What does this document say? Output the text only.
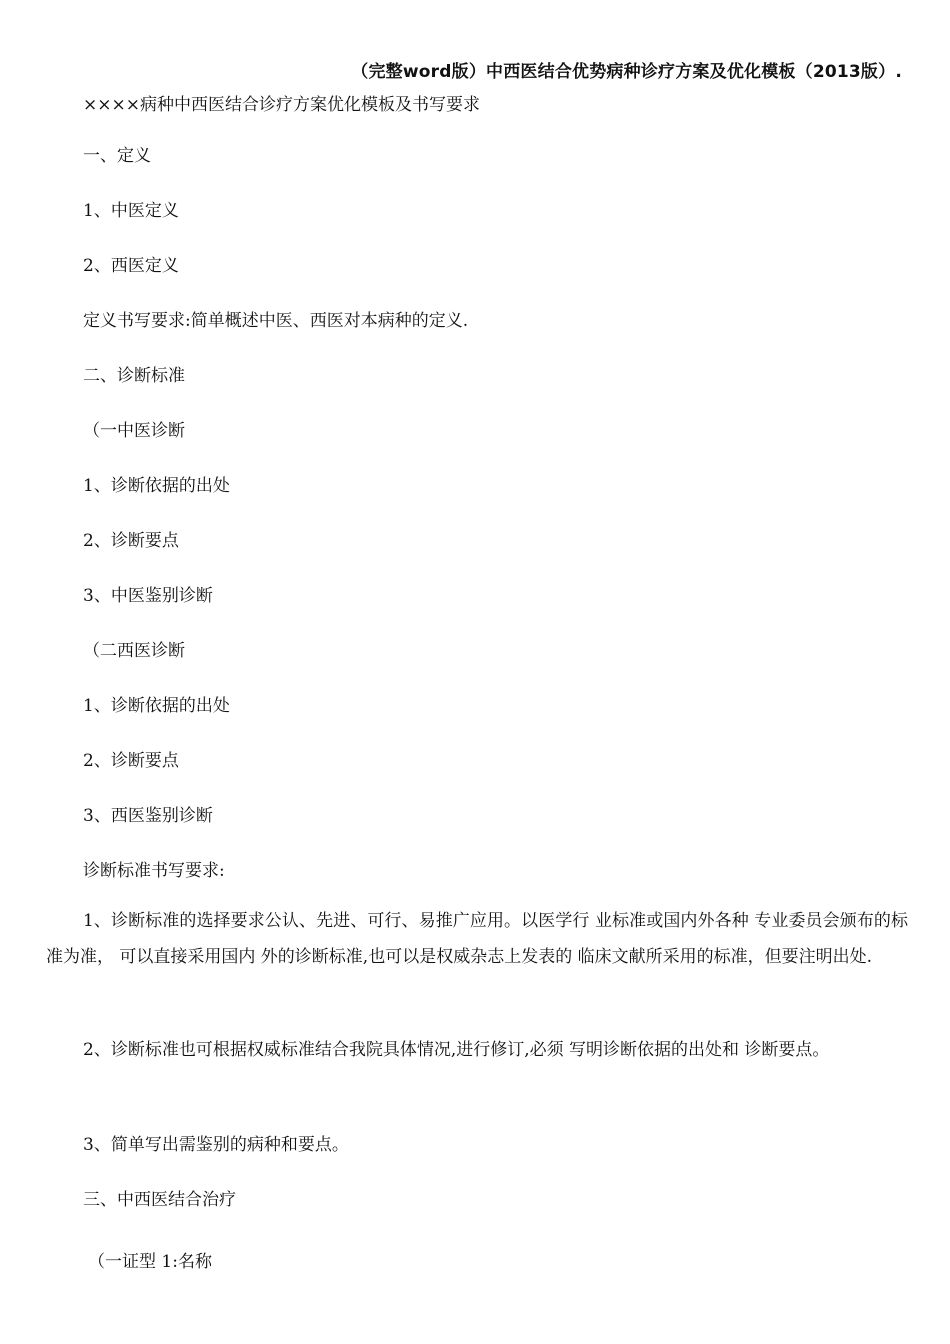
（完整word版）中西医结合优势病种诊疗方案及优化模板（2013版）.
××××病种中西医结合诊疗方案优化模板及书写要求
一、定义
1、中医定义
2、西医定义
定义书写要求:简单概述中医、西医对本病种的定义.
二、诊断标准
（一中医诊断
1、诊断依据的出处
2、诊断要点
3、中医鉴别诊断
（二西医诊断
1、诊断依据的出处
2、诊断要点
3、西医鉴别诊断
诊断标准书写要求:
1、诊断标准的选择要求公认、先进、可行、易推广应用。以医学行 业标准或国内外各种 专业委员会颁布的标准为准， 可以直接采用国内 外的诊断标准,也可以是权威杂志上发表的 临床文献所采用的标准，但要注明出处.
2、诊断标准也可根据权威标准结合我院具体情况,进行修订,必须 写明诊断依据的出处和 诊断要点。
3、简单写出需鉴别的病种和要点。
三、中西医结合治疗
（一证型 1:名称
